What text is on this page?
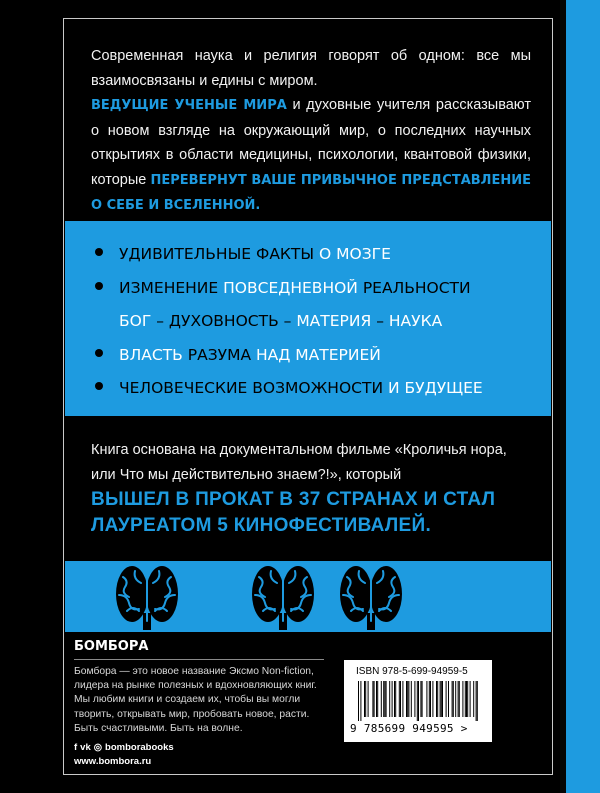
Современная наука и религия говорят об одном: все мы взаимосвязаны и едины с миром.
ВЕДУЩИЕ УЧЕНЫЕ МИРА и духовные учителя рассказывают о новом взгляде на окружающий мир, о последних научных открытиях в области медицины, психологии, квантовой физики, которые ПЕРЕВЕРНУТ ВАШЕ ПРИВЫЧНОЕ ПРЕДСТАВЛЕНИЕ О СЕБЕ И ВСЕЛЕННОЙ.
УДИВИТЕЛЬНЫЕ ФАКТЫ О МОЗГЕ
ИЗМЕНЕНИЕ ПОВСЕДНЕВНОЙ РЕАЛЬНОСТИ
БОГ – ДУХОВНОСТЬ – МАТЕРИЯ – НАУКА
ВЛАСТЬ РАЗУМА НАД МАТЕРИЕЙ
ЧЕЛОВЕЧЕСКИЕ ВОЗМОЖНОСТИ И БУДУЩЕЕ
Книга основана на документальном фильме «Кроличья нора, или Что мы действительно знаем?!», который
ВЫШЕЛ В ПРОКАТ В 37 СТРАНАХ И СТАЛ ЛАУРЕАТОМ 5 КИНОФЕСТИВАЛЕЙ.
БОМБОРА
Бомбора — это новое название Эксмо Non-fiction, лидера на рынке полезных и вдохновляющих книг. Мы любим книги и создаем их, чтобы вы могли творить, открывать мир, пробовать новое, расти. Быть счастливыми. Быть на волне.
f vk ◎ bomborabooks
www.bombora.ru
ISBN 978-5-699-94959-5
9 785699 949595 >
